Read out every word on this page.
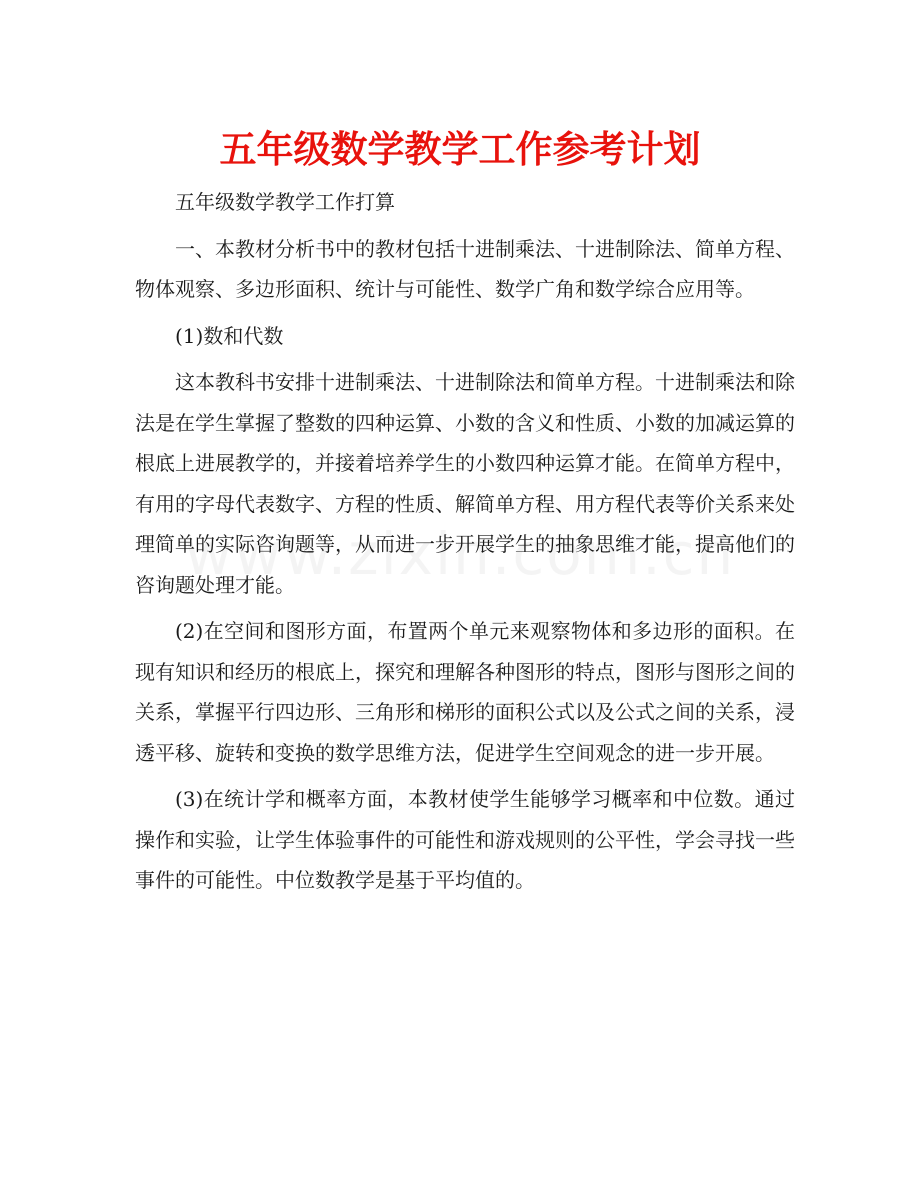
五年级数学教学工作参考计划

五年级数学教学工作打算

一、本教材分析书中的教材包括十进制乘法、十进制除法、简单方程、物体观察、多边形面积、统计与可能性、数学广角和数学综合应用等。

(1)数和代数

这本教科书安排十进制乘法、十进制除法和简单方程。十进制乘法和除法是在学生掌握了整数的四种运算、小数的含义和性质、小数的加减运算的根底上进展教学的，并接着培养学生的小数四种运算才能。在简单方程中，有用的字母代表数字、方程的性质、解简单方程、用方程代表等价关系来处理简单的实际咨询题等，从而进一步开展学生的抽象思维才能，提高他们的咨询题处理才能。

(2)在空间和图形方面，布置两个单元来观察物体和多边形的面积。在现有知识和经历的根底上，探究和理解各种图形的特点，图形与图形之间的关系，掌握平行四边形、三角形和梯形的面积公式以及公式之间的关系，浸透平移、旋转和变换的数学思维方法，促进学生空间观念的进一步开展。

(3)在统计学和概率方面，本教材使学生能够学习概率和中位数。通过操作和实验，让学生体验事件的可能性和游戏规则的公平性，学会寻找一些事件的可能性。中位数教学是基于平均值的。
